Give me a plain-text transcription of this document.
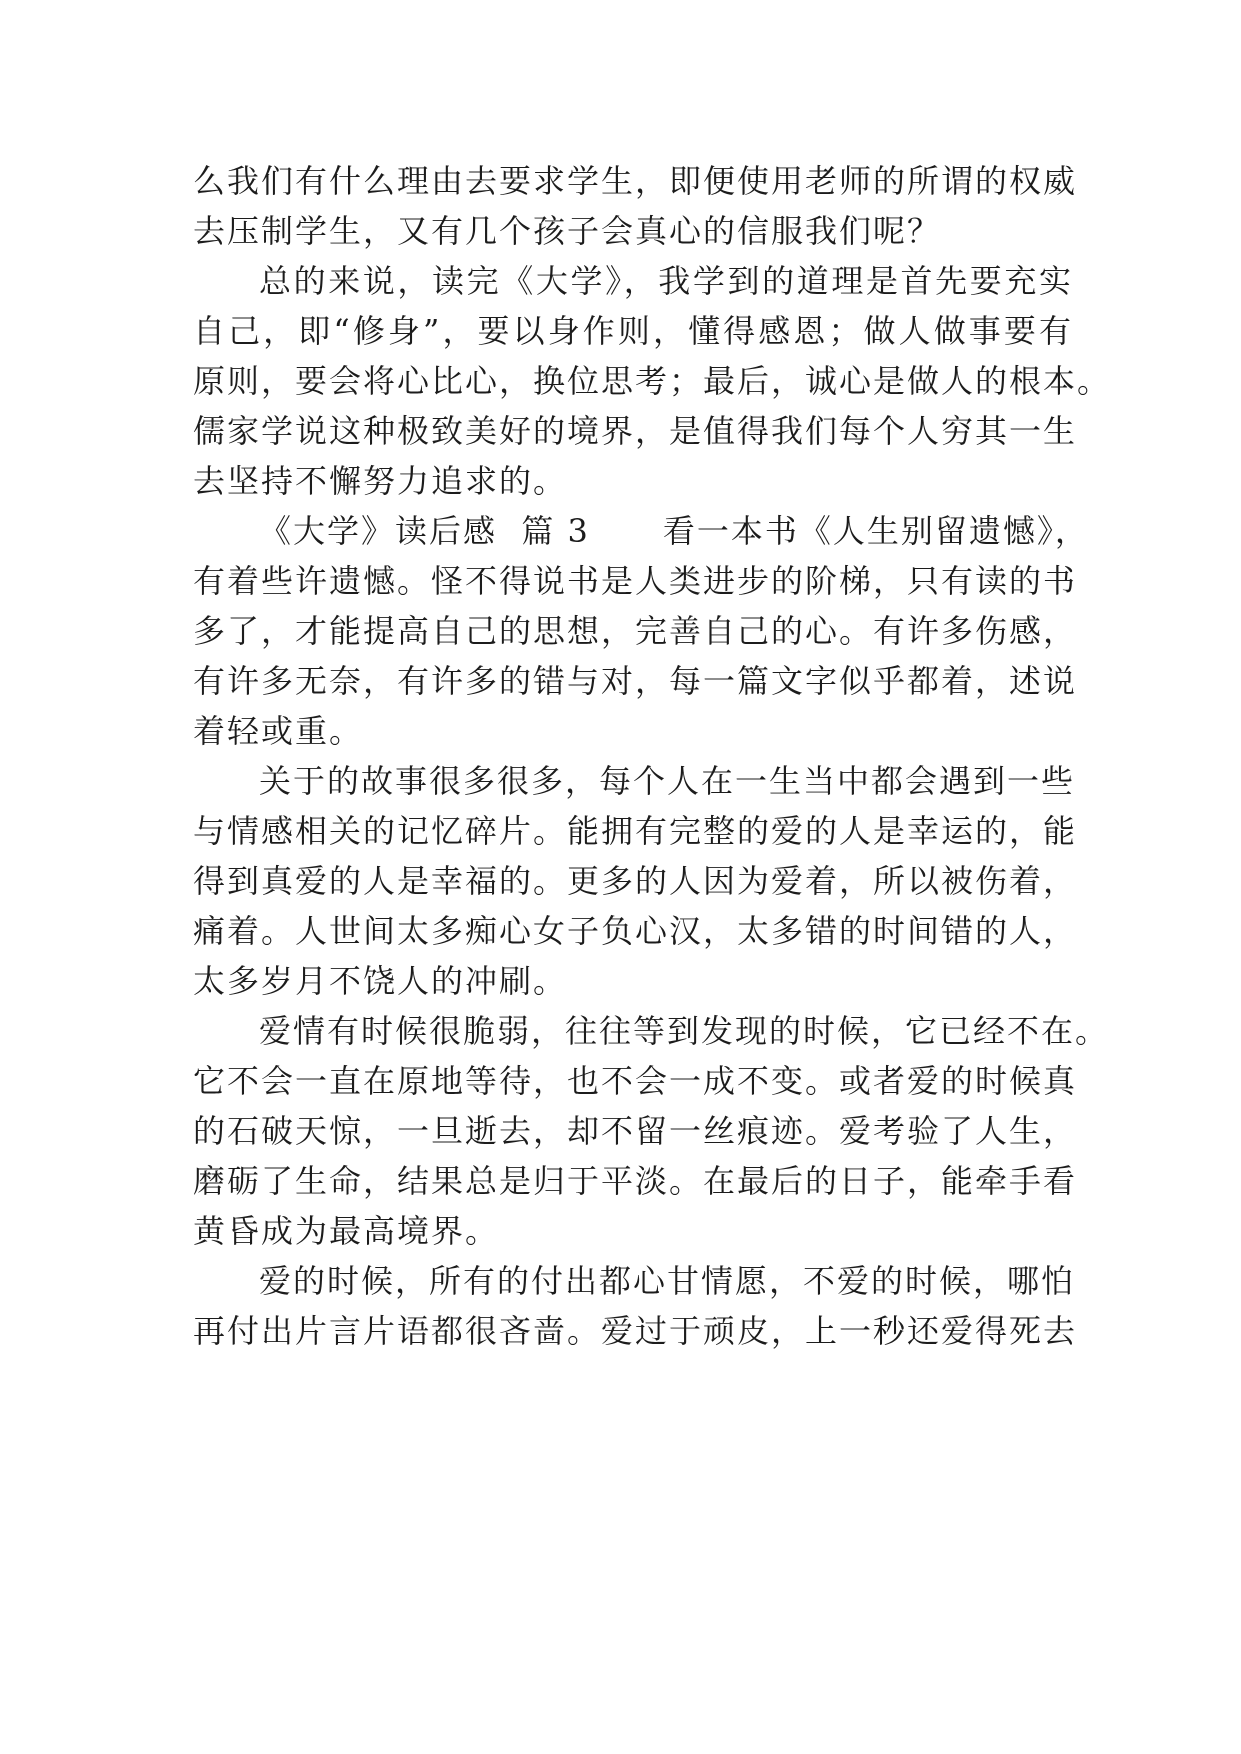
么我们有什么理由去要求学生，即便使用老师的所谓的权威
去压制学生，又有几个孩子会真心的信服我们呢？
总的来说，读完《大学》，我学到的道理是首先要充实
自己，即“修身”，要以身作则，懂得感恩；做人做事要有
原则，要会将心比心，换位思考；最后，诚心是做人的根本。
儒家学说这种极致美好的境界，是值得我们每个人穷其一生
去坚持不懈努力追求的。
《大学》读后感  篇 3      看一本书《人生别留遗憾》，
有着些许遗憾。怪不得说书是人类进步的阶梯，只有读的书
多了，才能提高自己的思想，完善自己的心。有许多伤感，
有许多无奈，有许多的错与对，每一篇文字似乎都着，述说
着轻或重。
关于的故事很多很多，每个人在一生当中都会遇到一些
与情感相关的记忆碎片。能拥有完整的爱的人是幸运的，能
得到真爱的人是幸福的。更多的人因为爱着，所以被伤着，
痛着。人世间太多痴心女子负心汉，太多错的时间错的人，
太多岁月不饶人的冲刷。
爱情有时候很脆弱，往往等到发现的时候，它已经不在。
它不会一直在原地等待，也不会一成不变。或者爱的时候真
的石破天惊，一旦逝去，却不留一丝痕迹。爱考验了人生，
磨砺了生命，结果总是归于平淡。在最后的日子，能牵手看
黄昏成为最高境界。
爱的时候，所有的付出都心甘情愿，不爱的时候，哪怕
再付出片言片语都很吝啬。爱过于顽皮，上一秒还爱得死去
